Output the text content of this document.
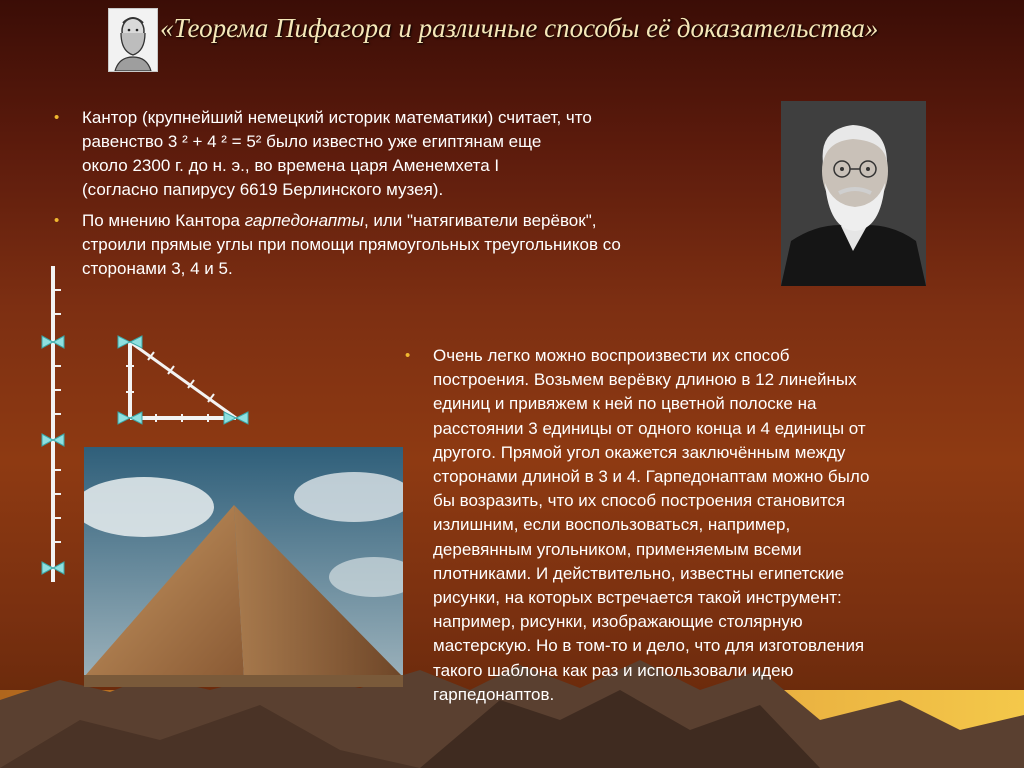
«Теорема Пифагора и различные способы её доказательства»
• Кантор (крупнейший немецкий историк математики) считает, что

равенство 3 ² + 4 ² = 5² было известно уже египтянам еще

около 2300 г. до н. э., во времена царя Аменемхета I

(согласно папирусу 6619 Берлинского музея).

• По мнению Кантора гарпедонапты, или "натягиватели верёвок",

строили прямые углы при помощи прямоугольных треугольников со

сторонами 3, 4 и 5.

• Очень легко можно воспроизвести их способ

построения. Возьмем верёвку длиною в 12 линейных

единиц и привяжем к ней по цветной полоске на

расстоянии 3 единицы от одного конца и 4 единицы от

другого. Прямой угол окажется заключённым между

сторонами длиной в 3 и 4. Гарпедонаптам можно было

бы возразить, что их способ построения становится

излишним, если воспользоваться, например,

деревянным угольником, применяемым всеми

плотниками. И действительно, известны египетские

рисунки, на которых встречается такой инструмент:

например, рисунки, изображающие столярную

мастерскую. Но в том-то и дело, что для изготовления

такого шаблона как раз и использовали идею

гарпедонаптов.
